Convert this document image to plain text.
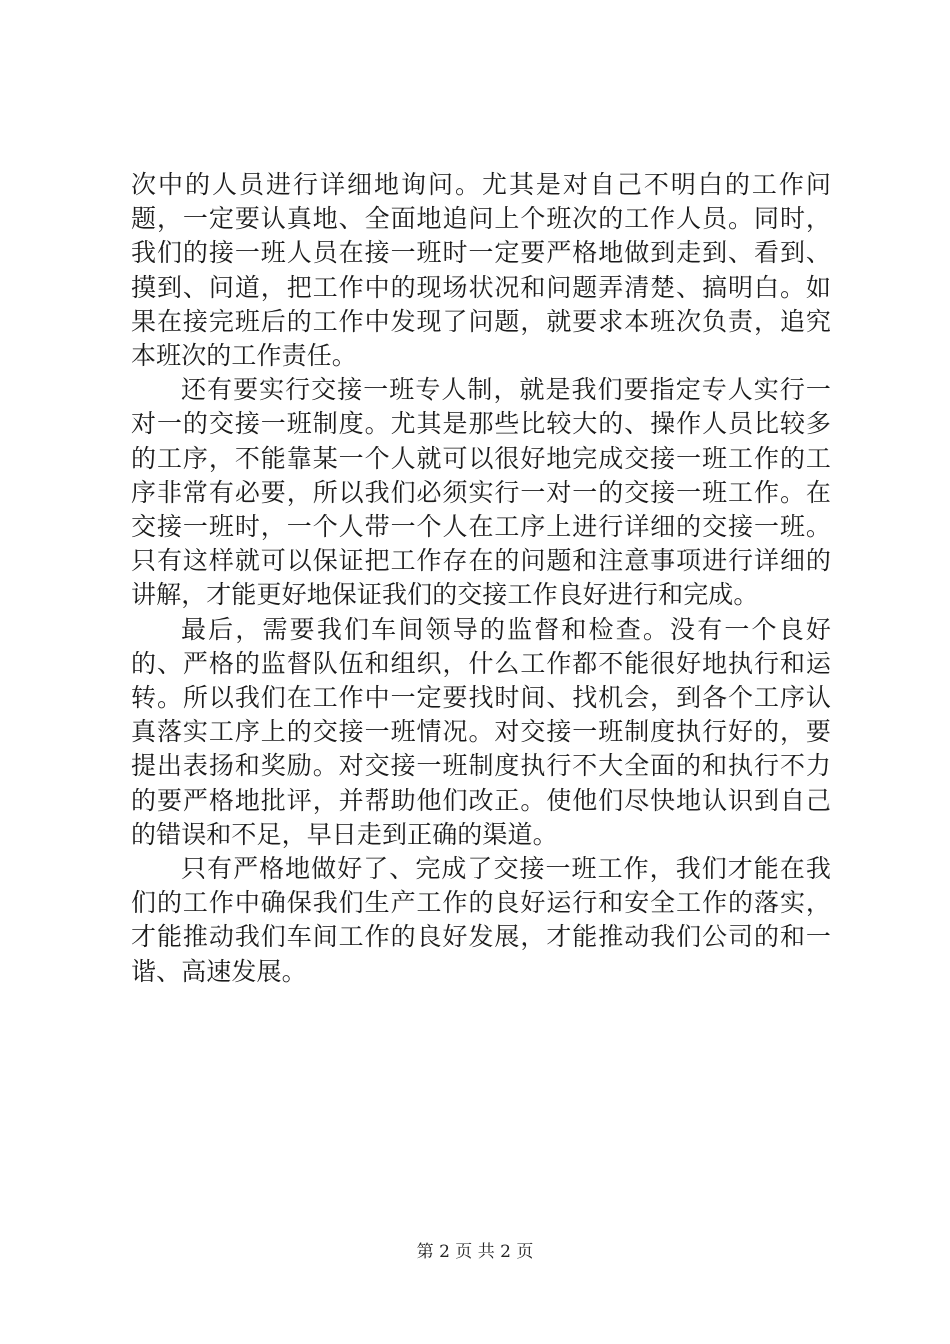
次中的人员进行详细地询问。尤其是对自己不明白的工作问题，一定要认真地、全面地追问上个班次的工作人员。同时，我们的接一班人员在接一班时一定要严格地做到走到、看到、摸到、问道，把工作中的现场状况和问题弄清楚、搞明白。如果在接完班后的工作中发现了问题，就要求本班次负责，追究本班次的工作责任。

还有要实行交接一班专人制，就是我们要指定专人实行一对一的交接一班制度。尤其是那些比较大的、操作人员比较多的工序，不能靠某一个人就可以很好地完成交接一班工作的工序非常有必要，所以我们必须实行一对一的交接一班工作。在交接一班时，一个人带一个人在工序上进行详细的交接一班。只有这样就可以保证把工作存在的问题和注意事项进行详细的讲解，才能更好地保证我们的交接工作良好进行和完成。

最后，需要我们车间领导的监督和检查。没有一个良好的、严格的监督队伍和组织，什么工作都不能很好地执行和运转。所以我们在工作中一定要找时间、找机会，到各个工序认真落实工序上的交接一班情况。对交接一班制度执行好的，要提出表扬和奖励。对交接一班制度执行不大全面的和执行不力的要严格地批评，并帮助他们改正。使他们尽快地认识到自己的错误和不足，早日走到正确的渠道。

只有严格地做好了、完成了交接一班工作，我们才能在我们的工作中确保我们生产工作的良好运行和安全工作的落实，才能推动我们车间工作的良好发展，才能推动我们公司的和一谐、高速发展。

第 2 页 共 2 页
